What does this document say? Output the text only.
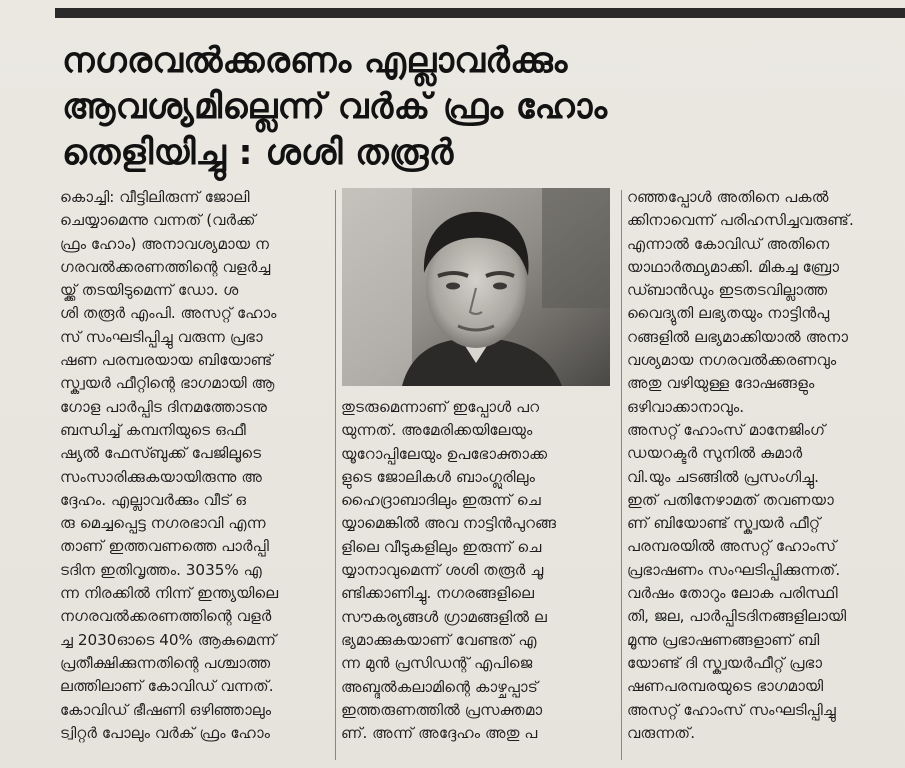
നഗരവൽക്കരണം എല്ലാവർക്കും
ആവശ്യമില്ലെന്ന് വർക് ഫ്രം ഹോം
തെളിയിച്ചു : ശശി തരൂർ
കൊച്ചി: വീട്ടിലിരുന്ന് ജോലി
ചെയ്യാമെന്നു വന്നത് (വർക്ക്
ഫ്രം ഹോം) അനാവശ്യമായ ന
ഗരവൽക്കരണത്തിന്റെ വളർച്ച
യ്ക്ക് തടയിടുമെന്ന് ഡോ. ശ
ശി തരൂർ എംപി. അസറ്റ് ഹോം
സ് സംഘടിപ്പിച്ചു വരുന്ന പ്രഭാ
ഷണ പരമ്പരയായ ബിയോണ്ട്
സ്ക്വയർ ഫീറ്റിന്റെ ഭാഗമായി ആ
ഗോള പാർപ്പിട ദിനമത്തോടനു
ബന്ധിച്ച് കമ്പനിയുടെ ഒഫീ
ഷ്യൽ ഫേസ്ബുക്ക് പേജിലൂടെ
സംസാരിക്കുകയായിരുന്നു അ
ദ്ദേഹം. എല്ലാവർക്കും വീട് ഒ
രു മെച്ചപ്പെട്ട നഗരഭാവി എന്ന
താണ് ഇത്തവണത്തെ പാർപ്പി
ടദിന ഇതിവൃത്തം. 3035% എ
ന്ന നിരക്കിൽ നിന്ന് ഇന്ത്യയിലെ
നഗരവൽക്കരണത്തിന്റെ വളർ
ച്ച 2030ഓടെ 40% ആകുമെന്ന്
പ്രതീക്ഷിക്കുന്നതിന്റെ പശ്ചാത്ത
ലത്തിലാണ് കോവിഡ് വന്നത്.
കോവിഡ് ഭീഷണി ഒഴിഞ്ഞാലും
ട്വിറ്റർ പോലും വർക് ഫ്രം ഹോം
തുടരുമെന്നാണ് ഇപ്പോൾ പറ
യുന്നത്. അമേരിക്കയിലേയും
യൂറോപ്പിലേയും ഉപഭോക്താക്ക
ളുടെ ജോലികൾ ബാംഗ്ലൂരിലും
ഹൈദ്രാബാദിലും ഇരുന്ന് ചെ
യ്യാമെങ്കിൽ അവ നാട്ടിൻപുറങ്ങ
ളിലെ വീടുകളിലും ഇരുന്ന് ചെ
യ്യാനാവുമെന്ന് ശശി തരൂർ ചൂ
ണ്ടിക്കാണിച്ചു. നഗരങ്ങളിലെ
സൗകര്യങ്ങൾ ഗ്രാമങ്ങളിൽ ല
ഭ്യമാക്കുകയാണ് വേണ്ടത് എ
ന്ന മുൻ പ്രസിഡന്റ് എപിജെ
അബ്ദുൽകലാമിന്റെ കാഴ്ചപ്പാട്
ഇത്തരുണത്തിൽ പ്രസക്തമാ
ണ്. അന്ന് അദ്ദേഹം അതു പ
റഞ്ഞപ്പോൾ അതിനെ പകൽ
ക്കിനാവെന്ന് പരിഹസിച്ചവരുണ്ട്.
എന്നാൽ കോവിഡ് അതിനെ
യാഥാർത്ഥ്യമാക്കി. മികച്ച ബ്രോ
ഡ്ബാൻഡും ഇടതടവില്ലാത്ത
വൈദ്യുതി ലഭ്യതയും നാട്ടിൻപു
റങ്ങളിൽ ലഭ്യമാക്കിയാൽ അനാ
വശ്യമായ നഗരവൽക്കരണവും
അതു വഴിയുള്ള ദോഷങ്ങളും
ഒഴിവാക്കാനാവും.
അസറ്റ് ഹോംസ് മാനേജിംഗ്
ഡയറക്ടർ സുനിൽ കുമാർ
വി.യും ചടങ്ങിൽ പ്രസംഗിച്ചു.
ഇത് പതിനേഴാമത് തവണയാ
ണ് ബിയോണ്ട് സ്ക്വയർ ഫീറ്റ്
പരമ്പരയിൽ അസറ്റ് ഹോംസ്
പ്രഭാഷണം സംഘടിപ്പിക്കുന്നത്.
വർഷം തോറും ലോക പരിസ്ഥി
തി, ജല, പാർപ്പിടദിനങ്ങളിലായി
മൂന്നു പ്രഭാഷണങ്ങളാണ് ബി
യോണ്ട് ദി സ്ക്വയർഫീറ്റ് പ്രഭാ
ഷണപരമ്പരയുടെ ഭാഗമായി
അസറ്റ് ഹോംസ് സംഘടിപ്പിച്ചു
വരുന്നത്.
